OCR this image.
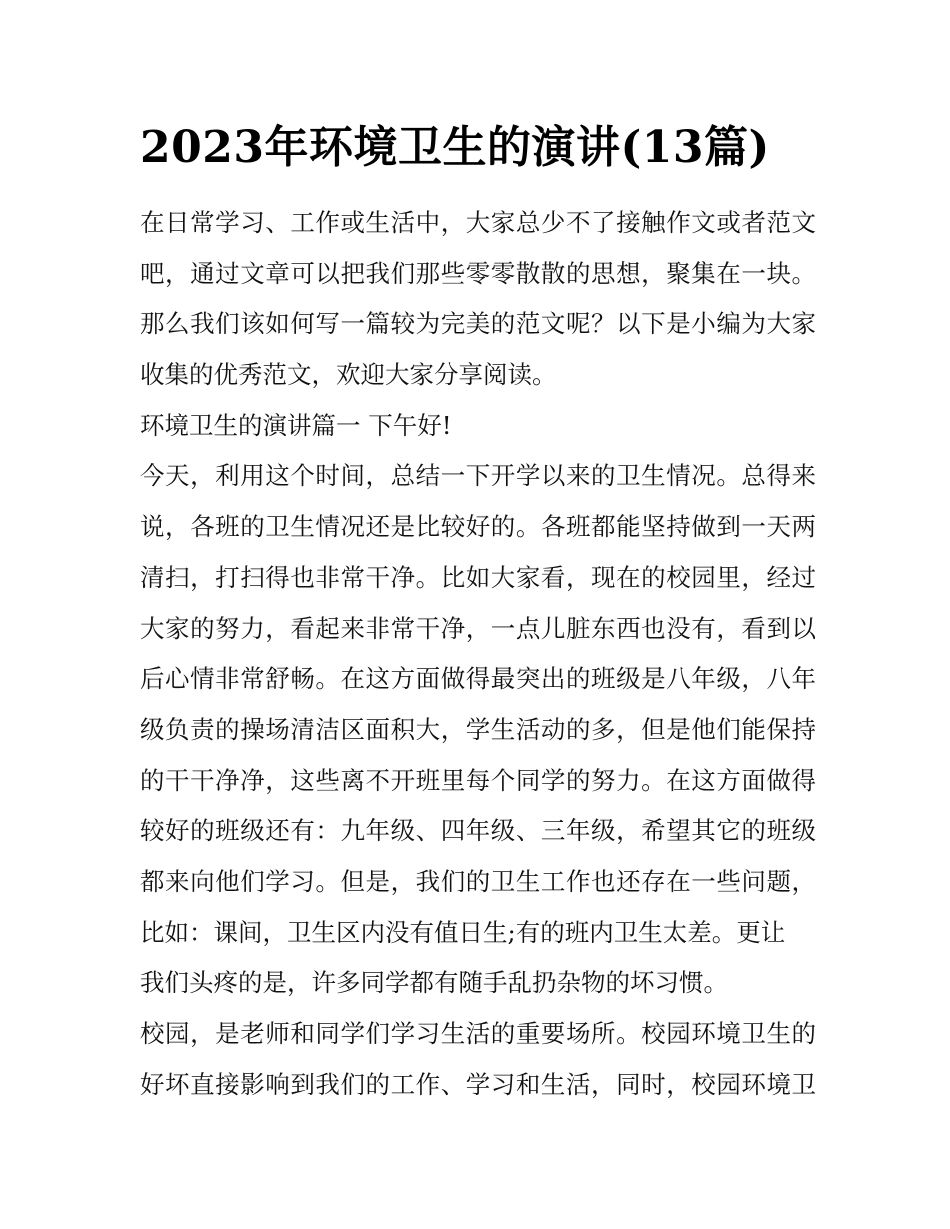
2023年环境卫生的演讲(13篇)
在日常学习、工作或生活中，大家总少不了接触作文或者范文
吧，通过文章可以把我们那些零零散散的思想，聚集在一块。
那么我们该如何写一篇较为完美的范文呢？以下是小编为大家
收集的优秀范文，欢迎大家分享阅读。
环境卫生的演讲篇一 下午好!
今天，利用这个时间，总结一下开学以来的卫生情况。总得来
说，各班的卫生情况还是比较好的。各班都能坚持做到一天两
清扫，打扫得也非常干净。比如大家看，现在的校园里，经过
大家的努力，看起来非常干净，一点儿脏东西也没有，看到以
后心情非常舒畅。在这方面做得最突出的班级是八年级，八年
级负责的操场清洁区面积大，学生活动的多，但是他们能保持
的干干净净，这些离不开班里每个同学的努力。在这方面做得
较好的班级还有：九年级、四年级、三年级，希望其它的班级
都来向他们学习。但是，我们的卫生工作也还存在一些问题，
比如：课间，卫生区内没有值日生;有的班内卫生太差。更让
我们头疼的是，许多同学都有随手乱扔杂物的坏习惯。
校园，是老师和同学们学习生活的重要场所。校园环境卫生的
好坏直接影响到我们的工作、学习和生活，同时，校园环境卫
